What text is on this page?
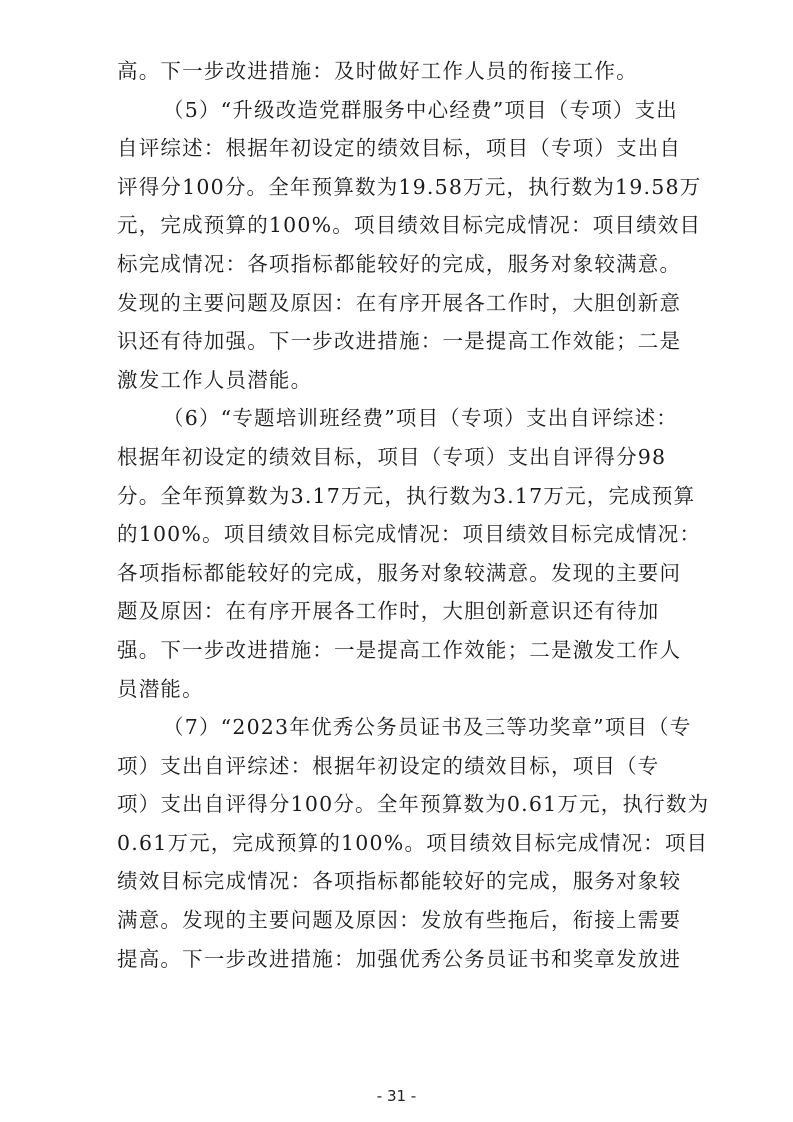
高。下一步改进措施：及时做好工作人员的衔接工作。
（5）“升级改造党群服务中心经费”项目（专项）支出
自评综述：根据年初设定的绩效目标，项目（专项）支出自
评得分100分。全年预算数为19.58万元，执行数为19.58万
元，完成预算的100%。项目绩效目标完成情况：项目绩效目
标完成情况：各项指标都能较好的完成，服务对象较满意。
发现的主要问题及原因：在有序开展各工作时，大胆创新意
识还有待加强。下一步改进措施：一是提高工作效能；二是
激发工作人员潜能。
（6）“专题培训班经费”项目（专项）支出自评综述：
根据年初设定的绩效目标，项目（专项）支出自评得分98
分。全年预算数为3.17万元，执行数为3.17万元，完成预算
的100%。项目绩效目标完成情况：项目绩效目标完成情况：
各项指标都能较好的完成，服务对象较满意。发现的主要问
题及原因：在有序开展各工作时，大胆创新意识还有待加
强。下一步改进措施：一是提高工作效能；二是激发工作人
员潜能。
（7）“2023年优秀公务员证书及三等功奖章”项目（专
项）支出自评综述：根据年初设定的绩效目标，项目（专
项）支出自评得分100分。全年预算数为0.61万元，执行数为
0.61万元，完成预算的100%。项目绩效目标完成情况：项目
绩效目标完成情况：各项指标都能较好的完成，服务对象较
满意。发现的主要问题及原因：发放有些拖后，衔接上需要
提高。下一步改进措施：加强优秀公务员证书和奖章发放进
- 31 -
